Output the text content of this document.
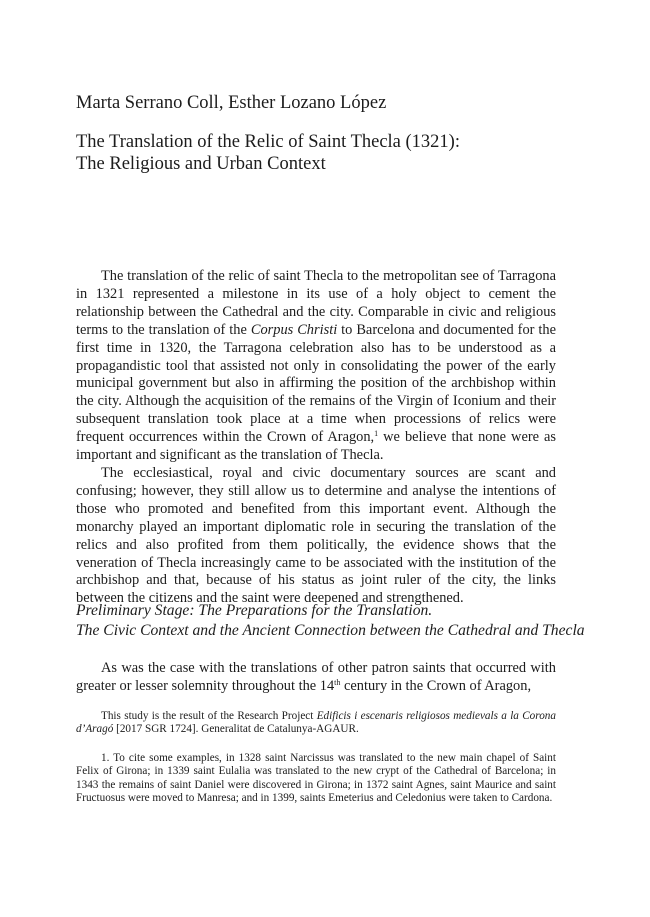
Marta Serrano Coll, Esther Lozano López
The Translation of the Relic of Saint Thecla (1321):
The Religious and Urban Context

The translation of the relic of saint Thecla to the metropolitan see of Tarragona in 1321 represented a milestone in its use of a holy object to cement the relationship between the Cathedral and the city. Comparable in civic and religious terms to the translation of the Corpus Christi to Barcelona and documented for the first time in 1320, the Tarragona celebration also has to be understood as a propagandistic tool that assisted not only in consolidating the power of the early municipal government but also in affirming the position of the archbishop within the city. Although the acquisition of the remains of the Virgin of Iconium and their subsequent translation took place at a time when processions of relics were frequent occurrences within the Crown of Aragon,$^1$ we believe that none were as important and significant as the translation of Thecla.

The ecclesiastical, royal and civic documentary sources are scant and confusing; however, they still allow us to determine and analyse the intentions of those who promoted and benefited from this important event. Although the monarchy played an important diplomatic role in securing the translation of the relics and also profited from them politically, the evidence shows that the veneration of Thecla increasingly came to be associated with the institution of the archbishop and that, because of his status as joint ruler of the city, the links between the citizens and the saint were deepened and strengthened.

Preliminary Stage: The Preparations for the Translation.
The Civic Context and the Ancient Connection between the Cathedral and Thecla

As was the case with the translations of other patron saints that occurred with greater or lesser solemnity throughout the 14th century in the Crown of Aragon,

This study is the result of the Research Project Edificis i escenaris religiosos medievals a la Corona d’Aragó [2017 SGR 1724]. Generalitat de Catalunya-AGAUR.

1. To cite some examples, in 1328 saint Narcissus was translated to the new main chapel of Saint Felix of Girona; in 1339 saint Eulalia was translated to the new crypt of the Cathedral of Barcelona; in 1343 the remains of saint Daniel were discovered in Girona; in 1372 saint Agnes, saint Maurice and saint Fructuosus were moved to Manresa; and in 1399, saints Emeterius and Celedonius were taken to Cardona.
